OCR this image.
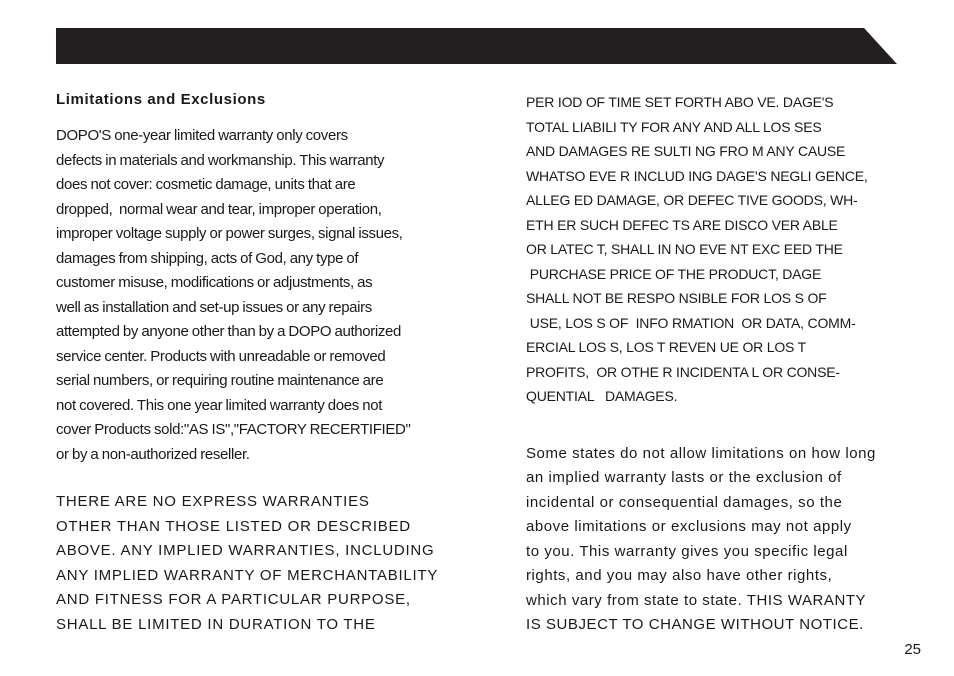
Limitations and Exclusions

DOPO'S one-year limited warranty only covers

defects in materials and workmanship. This warranty

does not cover: cosmetic damage, units that are

dropped,  normal wear and tear, improper operation,

improper voltage supply or power surges, signal issues,

damages from shipping, acts of God, any type of

customer misuse, modifications or adjustments, as

well as installation and set-up issues or any repairs

attempted by anyone other than by a DOPO authorized

service center. Products with unreadable or removed

serial numbers, or requiring routine maintenance are

not covered. This one year limited warranty does not

cover Products sold:"AS IS","FACTORY RECERTIFIED"

or by a non-authorized reseller.

THERE ARE NO EXPRESS WARRANTIES

OTHER THAN THOSE LISTED OR DESCRIBED

ABOVE. ANY IMPLIED WARRANTIES, INCLUDING

ANY IMPLIED WARRANTY OF MERCHANTABILITY

AND FITNESS FOR A PARTICULAR PURPOSE,

SHALL BE LIMITED IN DURATION TO THE

PER IOD OF TIME SET FORTH ABO VE. DAGE'S

TOTAL LIABILI TY FOR ANY AND ALL LOS SES

AND DAMAGES RE SULTI NG FRO M ANY CAUSE

WHATSO EVE R INCLUD ING DAGE'S NEGLI GENCE,

ALLEG ED DAMAGE, OR DEFEC TIVE GOODS, WH-

ETH ER SUCH DEFEC TS ARE DISCO VER ABLE

OR LATEC T, SHALL IN NO EVE NT EXC EED THE

PURCHASE PRICE OF THE PRODUCT, DAGE

SHALL NOT BE RESPO NSIBLE FOR LOS S OF

USE, LOS S OF  INFO RMATION  OR DATA, COMM-

ERCIAL LOS S, LOS T REVEN UE OR LOS T

PROFITS,  OR OTHE R INCIDENTA L OR CONSE-

QUENTIAL   DAMAGES.

Some states do not allow limitations on how long

an implied warranty lasts or the exclusion of

incidental or consequential damages, so the

above limitations or exclusions may not apply

to you. This warranty gives you specific legal

rights, and you may also have other rights,

which vary from state to state. THIS WARANTY

IS SUBJECT TO CHANGE WITHOUT NOTICE.

25
